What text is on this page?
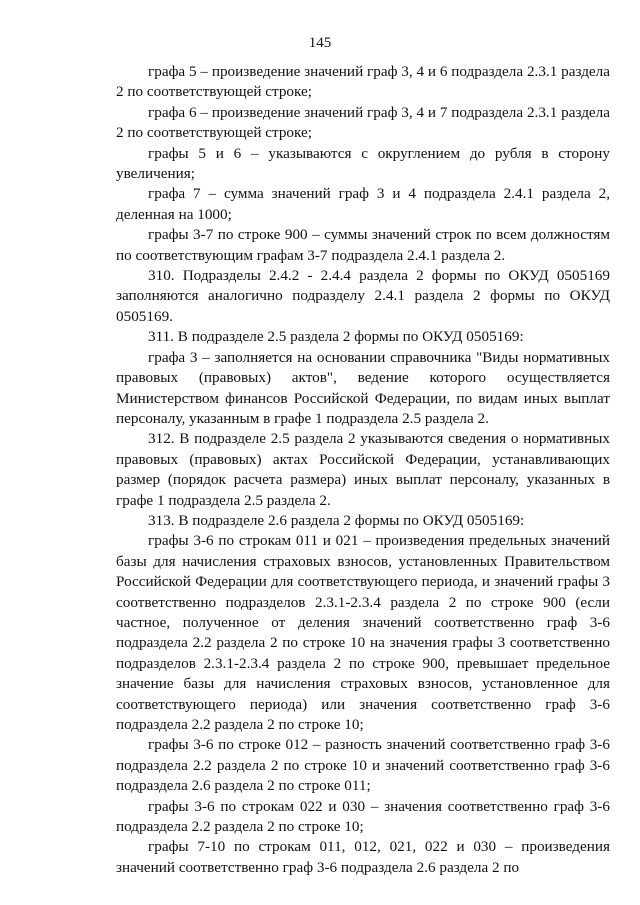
145

графа 5 – произведение значений граф 3, 4 и 6 подраздела 2.3.1 раздела 2 по соответствующей строке;

графа 6 – произведение значений граф 3, 4 и 7 подраздела 2.3.1 раздела 2 по соответствующей строке;

графы 5 и 6 – указываются с округлением до рубля в сторону увеличения;

графа 7 – сумма значений граф 3 и 4 подраздела 2.4.1 раздела 2, деленная на 1000;

графы 3-7 по строке 900 – суммы значений строк по всем должностям по соответствующим графам 3-7 подраздела 2.4.1 раздела 2.

310. Подразделы 2.4.2 - 2.4.4 раздела 2 формы по ОКУД 0505169 заполняются аналогично подразделу 2.4.1 раздела 2 формы по ОКУД 0505169.

311. В подразделе 2.5 раздела 2 формы по ОКУД 0505169:

графа 3 – заполняется на основании справочника "Виды нормативных правовых (правовых) актов", ведение которого осуществляется Министерством финансов Российской Федерации, по видам иных выплат персоналу, указанным в графе 1 подраздела 2.5 раздела 2.

312. В подразделе 2.5 раздела 2 указываются сведения о нормативных правовых (правовых) актах Российской Федерации, устанавливающих размер (порядок расчета размера) иных выплат персоналу, указанных в графе 1 подраздела 2.5 раздела 2.

313. В подразделе 2.6 раздела 2 формы по ОКУД 0505169:

графы 3-6 по строкам 011 и 021 – произведения предельных значений базы для начисления страховых взносов, установленных Правительством Российской Федерации для соответствующего периода, и значений графы 3 соответственно подразделов 2.3.1-2.3.4 раздела 2 по строке 900 (если частное, полученное от деления значений соответственно граф 3-6 подраздела 2.2 раздела 2 по строке 10 на значения графы 3 соответственно подразделов 2.3.1-2.3.4 раздела 2 по строке 900, превышает предельное значение базы для начисления страховых взносов, установленное для соответствующего периода) или значения соответственно граф 3-6 подраздела 2.2 раздела 2 по строке 10;

графы 3-6 по строке 012 – разность значений соответственно граф 3-6 подраздела 2.2 раздела 2 по строке 10 и значений соответственно граф 3-6 подраздела 2.6 раздела 2 по строке 011;

графы 3-6 по строкам 022 и 030 – значения соответственно граф 3-6 подраздела 2.2 раздела 2 по строке 10;

графы 7-10 по строкам 011, 012, 021, 022 и 030 – произведения значений соответственно граф 3-6 подраздела 2.6 раздела 2 по
